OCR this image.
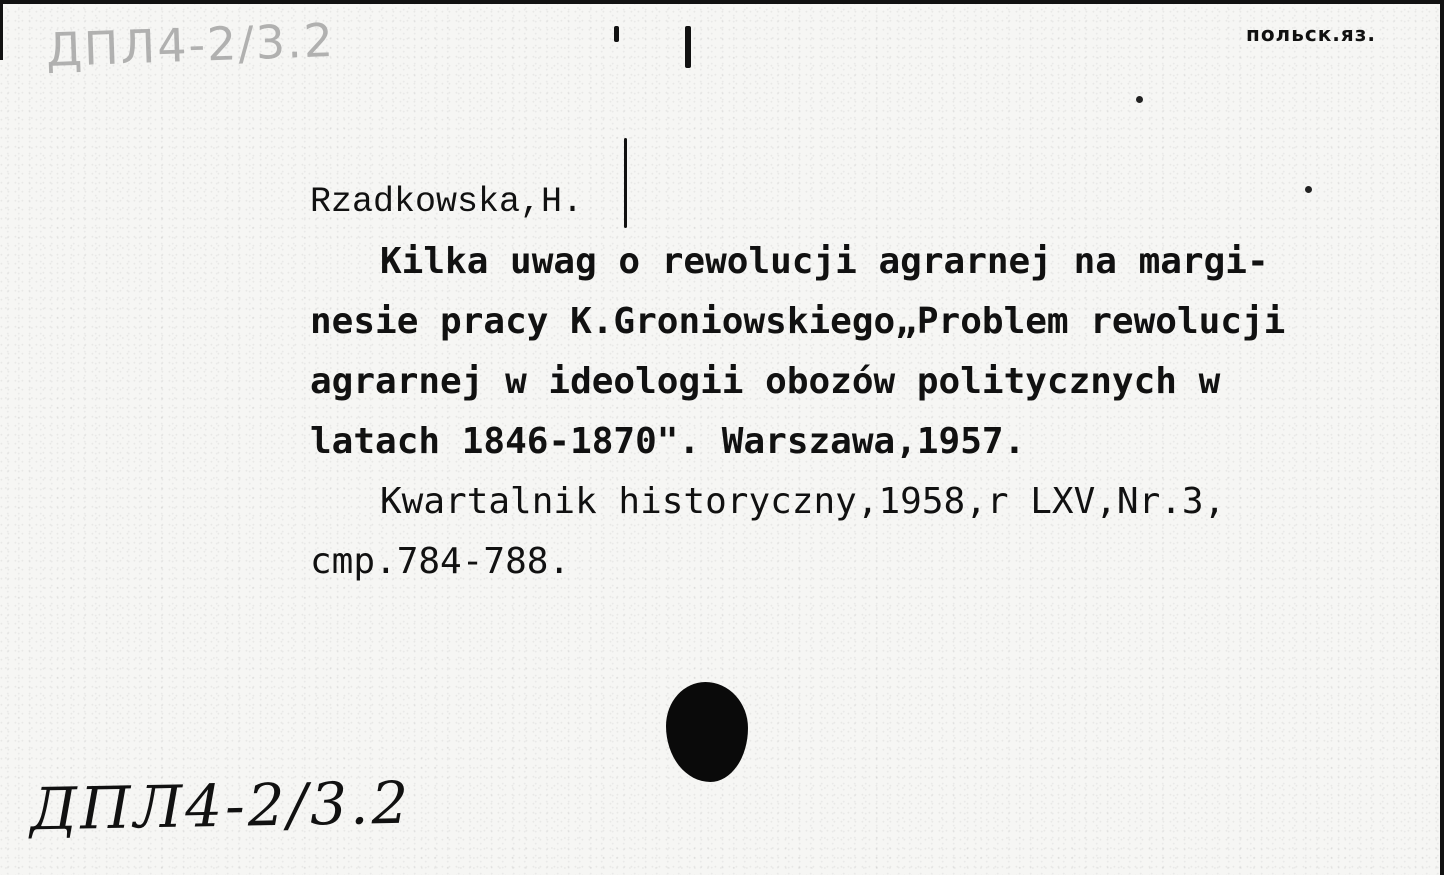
ДПЛ4-2/3.2	польск.яз.

Rzadkowska,H.

Kilka uwag o rewolucji agrarnej na margi-

nesie pracy K.Groniowskiego„Problem rewolucji

agrarnej w ideologii obozów politycznych w

latach 1846-1870". Warszawa,1957.

Kwartalnik historyczny,1958,r LXV,Nr.3,

cmp.784-788.

ДПЛ4-2/3.2
